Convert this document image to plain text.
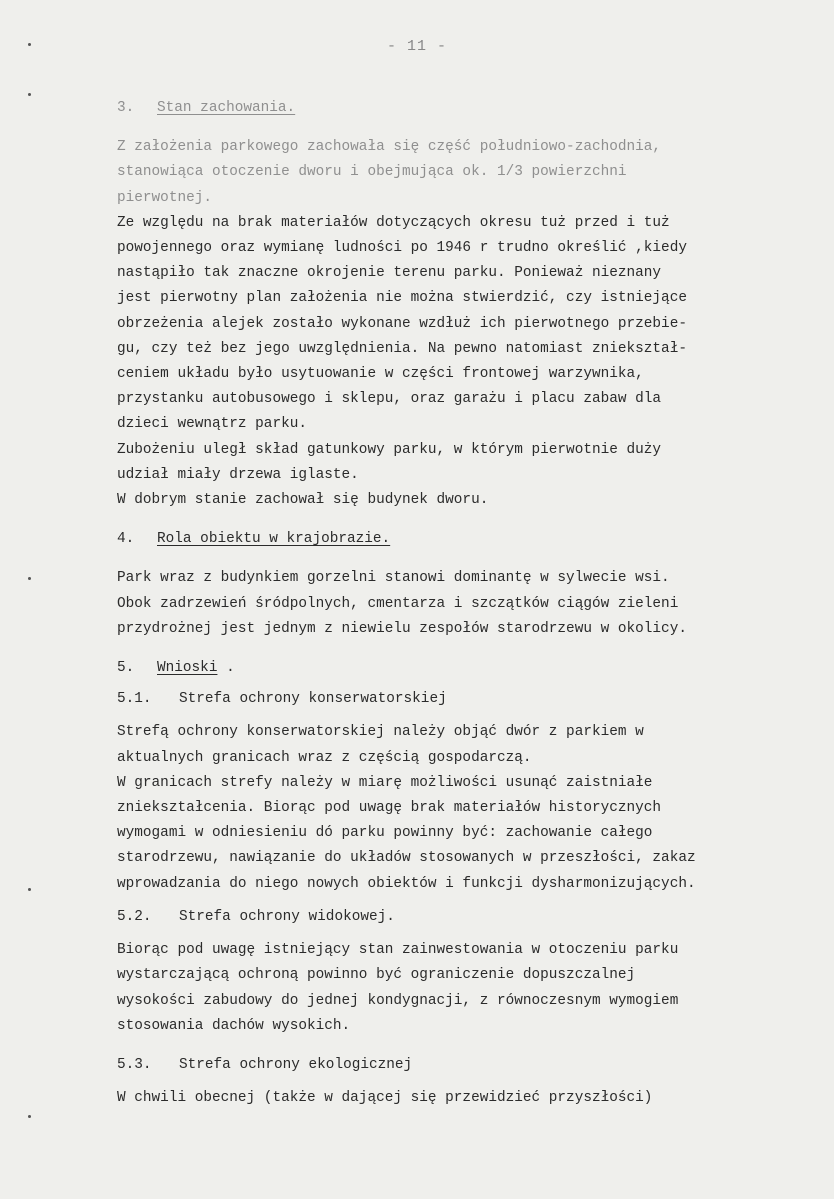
- 11 -
3. Stan zachowania.
Z założenia parkowego zachowała się część południowo-zachodnia,
stanowiąca otoczenie dworu i obejmująca ok. 1/3 powierzchni
pierwotnej.
Ze względu na brak materiałów dotyczących okresu tuż przed i tuż
powojennego oraz wymianę ludności po 1946 r trudno określić ,kiedy
nastąpiło tak znaczne okrojenie terenu parku. Ponieważ nieznany
jest pierwotny plan założenia nie można stwierdzić, czy istniejące
obrzeżenia alejek zostało wykonane wzdłuż ich pierwotnego przebie-
gu, czy też bez jego uwzględnienia. Na pewno natomiast zniekształ-
ceniem układu było usytuowanie w części frontowej warzywnika,
przystanku autobusowego i sklepu, oraz garażu i placu zabaw dla
dzieci wewnątrz parku.
Zubożeniu uległ skład gatunkowy parku, w którym pierwotnie duży
udział miały drzewa iglaste.
W dobrym stanie zachował się budynek dworu.
4. Rola obiektu w krajobrazie.
Park wraz z budynkiem gorzelni stanowi dominantę w sylwecie wsi.
Obok zadrzewień śródpolnych, cmentarza i szczątków ciągów zieleni
przydrożnej jest jednym z niewielu zespołów starodrzewu w okolicy.
5. Wnioski .
5.1. Strefa ochrony konserwatorskiej
Strefą ochrony konserwatorskiej należy objąć dwór z parkiem w
aktualnych granicach wraz z częścią gospodarczą.
W granicach strefy należy w miarę możliwości usunąć zaistniałe
zniekształcenia. Biorąc pod uwagę brak materiałów historycznych
wymogami w odniesieniu dó parku powinny być: zachowanie całego
starodrzewu, nawiązanie do układów stosowanych w przeszłości, zakaz
wprowadzania do niego nowych obiektów i funkcji dysharmonizujących.
5.2. Strefa ochrony widokowej.
Biorąc pod uwagę istniejący stan zainwestowania w otoczeniu parku
wystarczającą ochroną powinno być ograniczenie dopuszczalnej
wysokości zabudowy do jednej kondygnacji, z równoczesnym wymogiem
stosowania dachów wysokich.
5.3. Strefa ochrony ekologicznej
W chwili obecnej (także w dającej się przewidzieć przyszłości)
